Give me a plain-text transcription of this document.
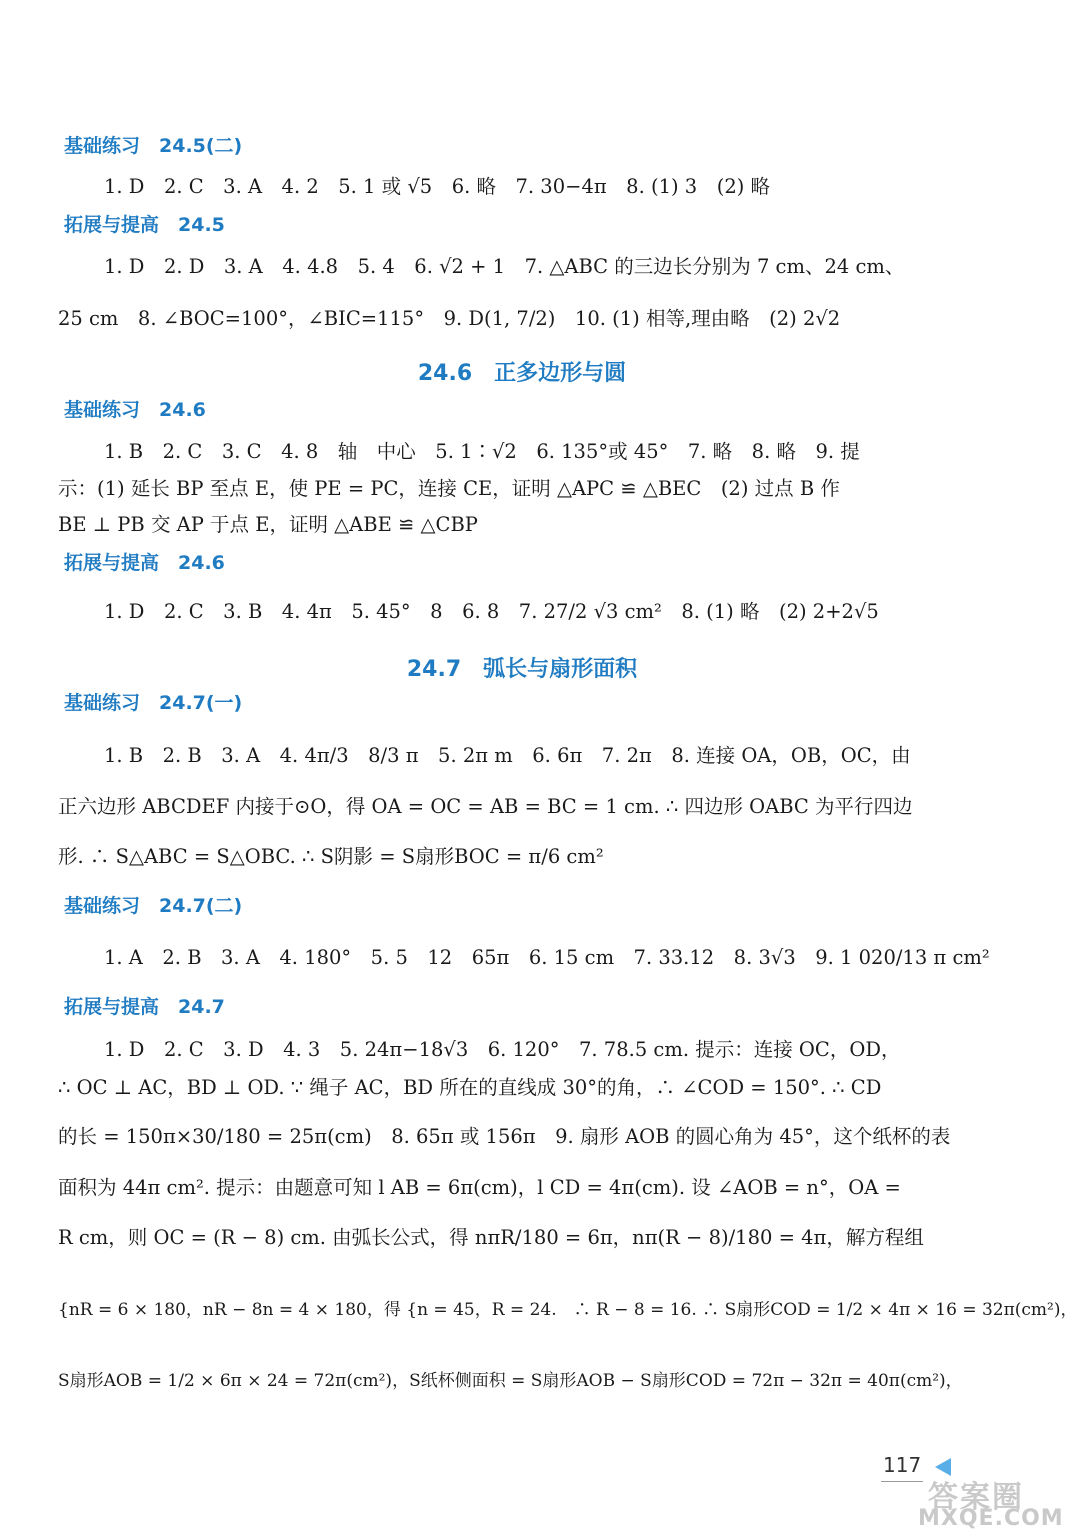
基础练习　24.5(二)
1. D　2. C　3. A　4. 2　5. 1 或 √5　6. 略　7. 30−4π　8. (1) 3　(2) 略
拓展与提高　24.5
1. D　2. D　3. A　4. 4.8　5. 4　6. √2 + 1　7. △ABC 的三边长分别为 7 cm、24 cm、
25 cm　8. ∠BOC=100°，∠BIC=115°　9. D(1, 7/2)　10. (1) 相等,理由略　(2) 2√2
24.6　正多边形与圆
基础练习　24.6
1. B　2. C　3. C　4. 8　轴　中心　5. 1∶√2　6. 135°或 45°　7. 略　8. 略　9. 提
示：(1) 延长 BP 至点 E，使 PE = PC，连接 CE，证明 △APC ≌ △BEC　(2) 过点 B 作
BE ⊥ PB 交 AP 于点 E，证明 △ABE ≌ △CBP
拓展与提高　24.6
1. D　2. C　3. B　4. 4π　5. 45°　8　6. 8　7. 27/2 √3 cm²　8. (1) 略　(2) 2+2√5
24.7　弧长与扇形面积
基础练习　24.7(一)
1. B　2. B　3. A　4. 4π/3　8/3 π　5. 2π m　6. 6π　7. 2π　8. 连接 OA，OB，OC，由
正六边形 ABCDEF 内接于⊙O，得 OA = OC = AB = BC = 1 cm. ∴ 四边形 OABC 为平行四边
形. ∴ S△ABC = S△OBC. ∴ S阴影 = S扇形BOC = π/6 cm²
基础练习　24.7(二)
1. A　2. B　3. A　4. 180°　5. 5　12　65π　6. 15 cm　7. 33.12　8. 3√3　9. 1 020/13 π cm²
拓展与提高　24.7
1. D　2. C　3. D　4. 3　5. 24π−18√3　6. 120°　7. 78.5 cm. 提示：连接 OC，OD，
∴ OC ⊥ AC，BD ⊥ OD. ∵ 绳子 AC，BD 所在的直线成 30°的角，∴ ∠COD = 150°. ∴ CD
的长 = 150π×30/180 = 25π(cm)　8. 65π 或 156π　9. 扇形 AOB 的圆心角为 45°，这个纸杯的表
面积为 44π cm². 提示：由题意可知 l AB = 6π(cm)，l CD = 4π(cm). 设 ∠AOB = n°，OA =
R cm，则 OC = (R − 8) cm. 由弧长公式，得 nπR/180 = 6π，nπ(R − 8)/180 = 4π，解方程组
{nR = 6 × 180，nR − 8n = 4 × 180，得 {n = 45，R = 24.　∴ R − 8 = 16. ∴ S扇形COD = 1/2 × 4π × 16 = 32π(cm²)，
S扇形AOB = 1/2 × 6π × 24 = 72π(cm²)，S纸杯侧面积 = S扇形AOB − S扇形COD = 72π − 32π = 40π(cm²)，
117
答案圈
MXQE.COM
